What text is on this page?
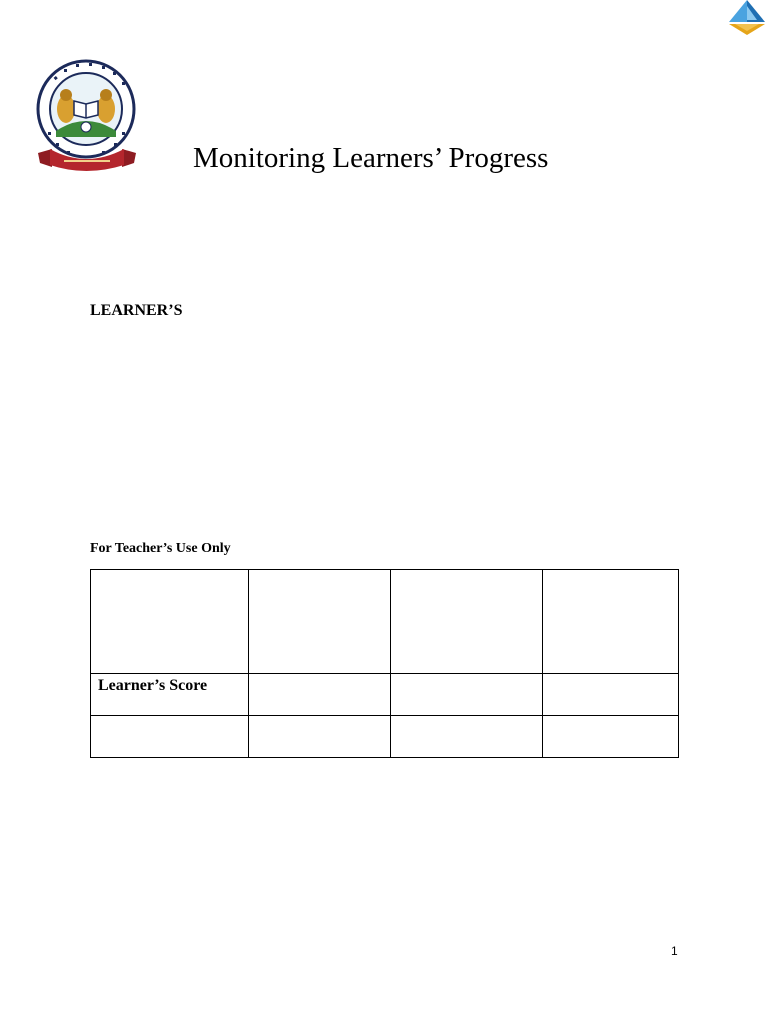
Monitoring Learners’ Progress
LEARNER’S
For Teacher’s Use Only

Learner’s Score			

1
